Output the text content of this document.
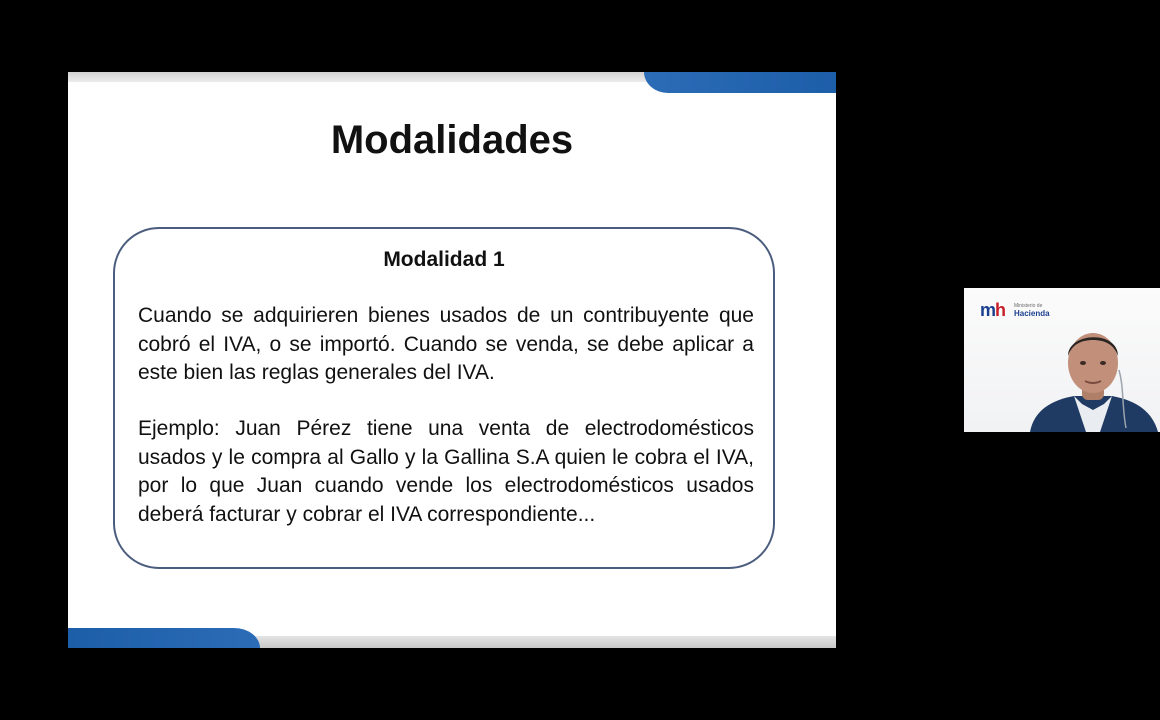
Modalidades
Modalidad 1

Cuando se adquirieren bienes usados de un contribuyente que cobró el IVA, o se importó. Cuando se venda, se debe aplicar a este bien las reglas generales del IVA.

Ejemplo: Juan Pérez tiene una venta de electrodomésticos usados y le compra al Gallo y la Gallina S.A quien le cobra el IVA, por lo que Juan cuando vende los electrodomésticos usados deberá facturar y cobrar el IVA correspondiente...

mh Ministerio de
Hacienda
